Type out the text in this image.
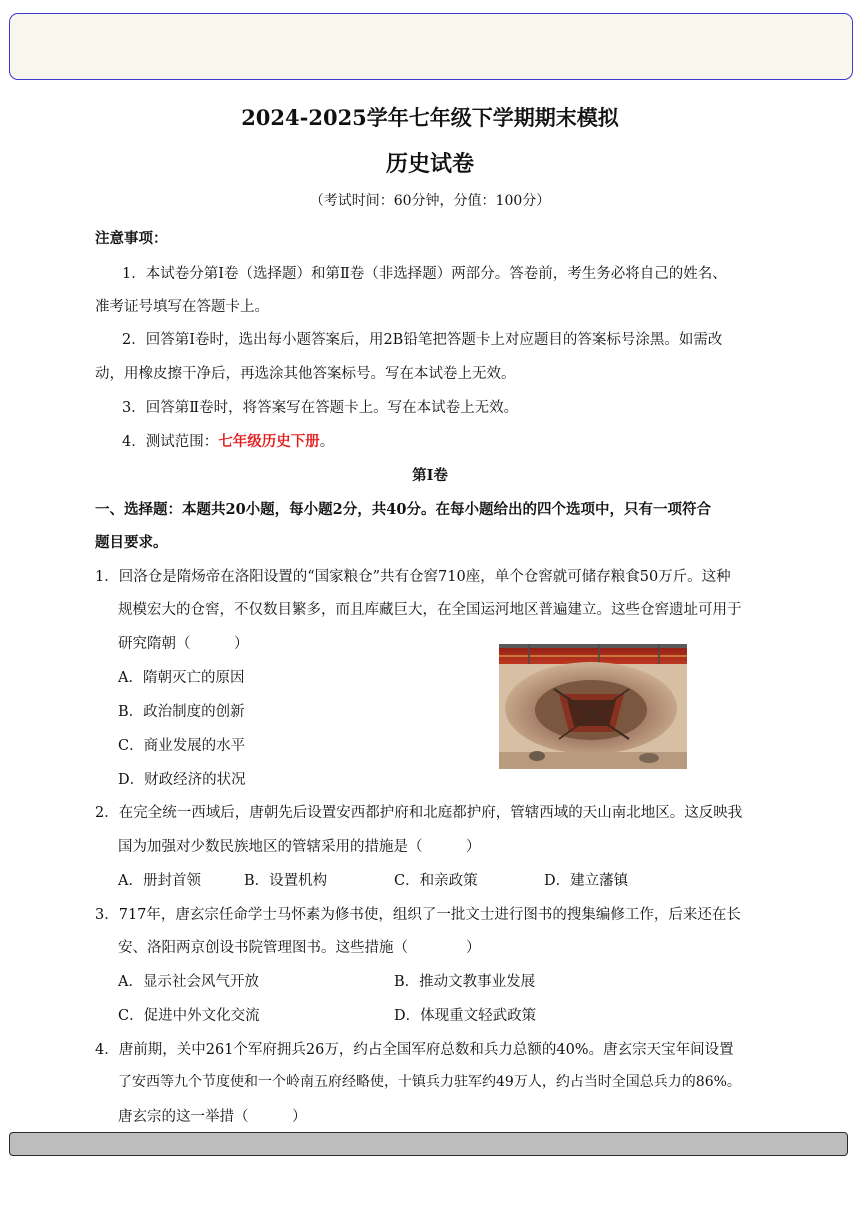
2024-2025学年七年级下学期期末模拟
历史试卷
（考试时间：60分钟，分值：100分）
注意事项：
1．本试卷分第Ⅰ卷（选择题）和第Ⅱ卷（非选择题）两部分。答卷前，考生务必将自己的姓名、
准考证号填写在答题卡上。
2．回答第Ⅰ卷时，选出每小题答案后，用2B铅笔把答题卡上对应题目的答案标号涂黑。如需改
动，用橡皮擦干净后，再选涂其他答案标号。写在本试卷上无效。
3．回答第Ⅱ卷时，将答案写在答题卡上。写在本试卷上无效。
4．测试范围：七年级历史下册。
第Ⅰ卷
一、选择题：本题共20小题，每小题2分，共40分。在每小题给出的四个选项中，只有一项符合
题目要求。
1．回洛仓是隋炀帝在洛阳设置的“国家粮仓”共有仓窖710座，单个仓窖就可储存粮食50万斤。这种
规模宏大的仓窖，不仅数目繁多，而且库藏巨大，在全国运河地区普遍建立。这些仓窖遗址可用于
研究隋朝（　　　）
A．隋朝灭亡的原因
B．政治制度的创新
C．商业发展的水平
D．财政经济的状况
2．在完全统一西域后，唐朝先后设置安西都护府和北庭都护府，管辖西域的天山南北地区。这反映我
国为加强对少数民族地区的管辖采用的措施是（　　　）
A．册封首领	B．设置机构	C．和亲政策	D．建立藩镇
3．717年，唐玄宗任命学士马怀素为修书使，组织了一批文士进行图书的搜集编修工作，后来还在长
安、洛阳两京创设书院管理图书。这些措施（　　　　）
A．显示社会风气开放	B．推动文教事业发展
C．促进中外文化交流	D．体现重文轻武政策
4．唐前期，关中261个军府拥兵26万，约占全国军府总数和兵力总额的40%。唐玄宗天宝年间设置
了安西等九个节度使和一个岭南五府经略使，十镇兵力驻军约49万人，约占当时全国总兵力的86%。
唐玄宗的这一举措（　　　）
